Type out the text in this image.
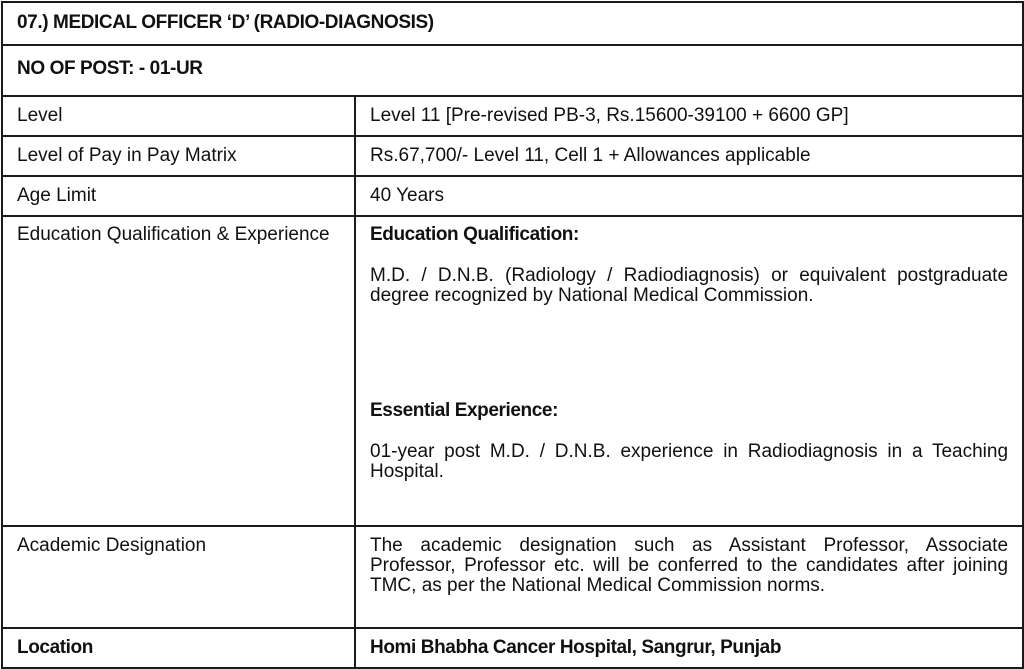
07.) MEDICAL OFFICER ‘D’ (RADIO-DIAGNOSIS)	
NO OF POST: - 01-UR	
Level	Level 11 [Pre-revised PB-3, Rs.15600-39100 + 6600 GP]
Level of Pay in Pay Matrix	Rs.67,700/- Level 11, Cell 1 + Allowances applicable
Age Limit	40 Years

Education Qualification & Experience	Education Qualification:
M.D. / D.N.B. (Radiology / Radiodiagnosis) or equivalent postgraduate degree recognized by National Medical Commission.
Essential Experience:
01-year post M.D. / D.N.B. experience in Radiodiagnosis in a Teaching Hospital.

Academic Designation	The academic designation such as Assistant Professor, Associate Professor, Professor etc. will be conferred to the candidates after joining TMC, as per the National Medical Commission norms.
Location	Homi Bhabha Cancer Hospital, Sangrur, Punjab
